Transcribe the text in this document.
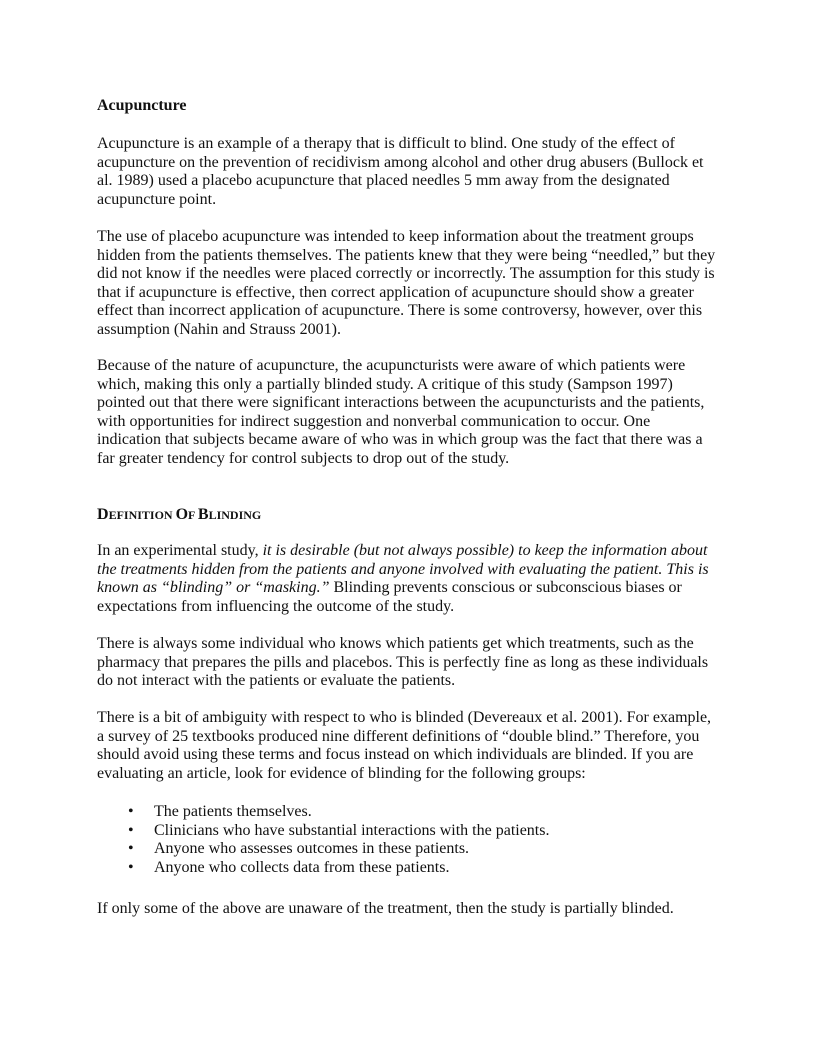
Acupuncture
Acupuncture is an example of a therapy that is difficult to blind. One study of the effect of
acupuncture on the prevention of recidivism among alcohol and other drug abusers (Bullock et
al. 1989) used a placebo acupuncture that placed needles 5 mm away from the designated
acupuncture point.
The use of placebo acupuncture was intended to keep information about the treatment groups
hidden from the patients themselves. The patients knew that they were being “needled,” but they
did not know if the needles were placed correctly or incorrectly. The assumption for this study is
that if acupuncture is effective, then correct application of acupuncture should show a greater
effect than incorrect application of acupuncture. There is some controversy, however, over this
assumption (Nahin and Strauss 2001).
Because of the nature of acupuncture, the acupuncturists were aware of which patients were
which, making this only a partially blinded study. A critique of this study (Sampson 1997)
pointed out that there were significant interactions between the acupuncturists and the patients,
with opportunities for indirect suggestion and nonverbal communication to occur. One
indication that subjects became aware of who was in which group was the fact that there was a
far greater tendency for control subjects to drop out of the study.
DEFINITION OF BLINDING
In an experimental study, it is desirable (but not always possible) to keep the information about
the treatments hidden from the patients and anyone involved with evaluating the patient. This is
known as “blinding” or “masking.” Blinding prevents conscious or subconscious biases or
expectations from influencing the outcome of the study.
There is always some individual who knows which patients get which treatments, such as the
pharmacy that prepares the pills and placebos. This is perfectly fine as long as these individuals
do not interact with the patients or evaluate the patients.
There is a bit of ambiguity with respect to who is blinded (Devereaux et al. 2001). For example,
a survey of 25 textbooks produced nine different definitions of “double blind.” Therefore, you
should avoid using these terms and focus instead on which individuals are blinded. If you are
evaluating an article, look for evidence of blinding for the following groups:
• The patients themselves.
• Clinicians who have substantial interactions with the patients.
• Anyone who assesses outcomes in these patients.
• Anyone who collects data from these patients.
If only some of the above are unaware of the treatment, then the study is partially blinded.
